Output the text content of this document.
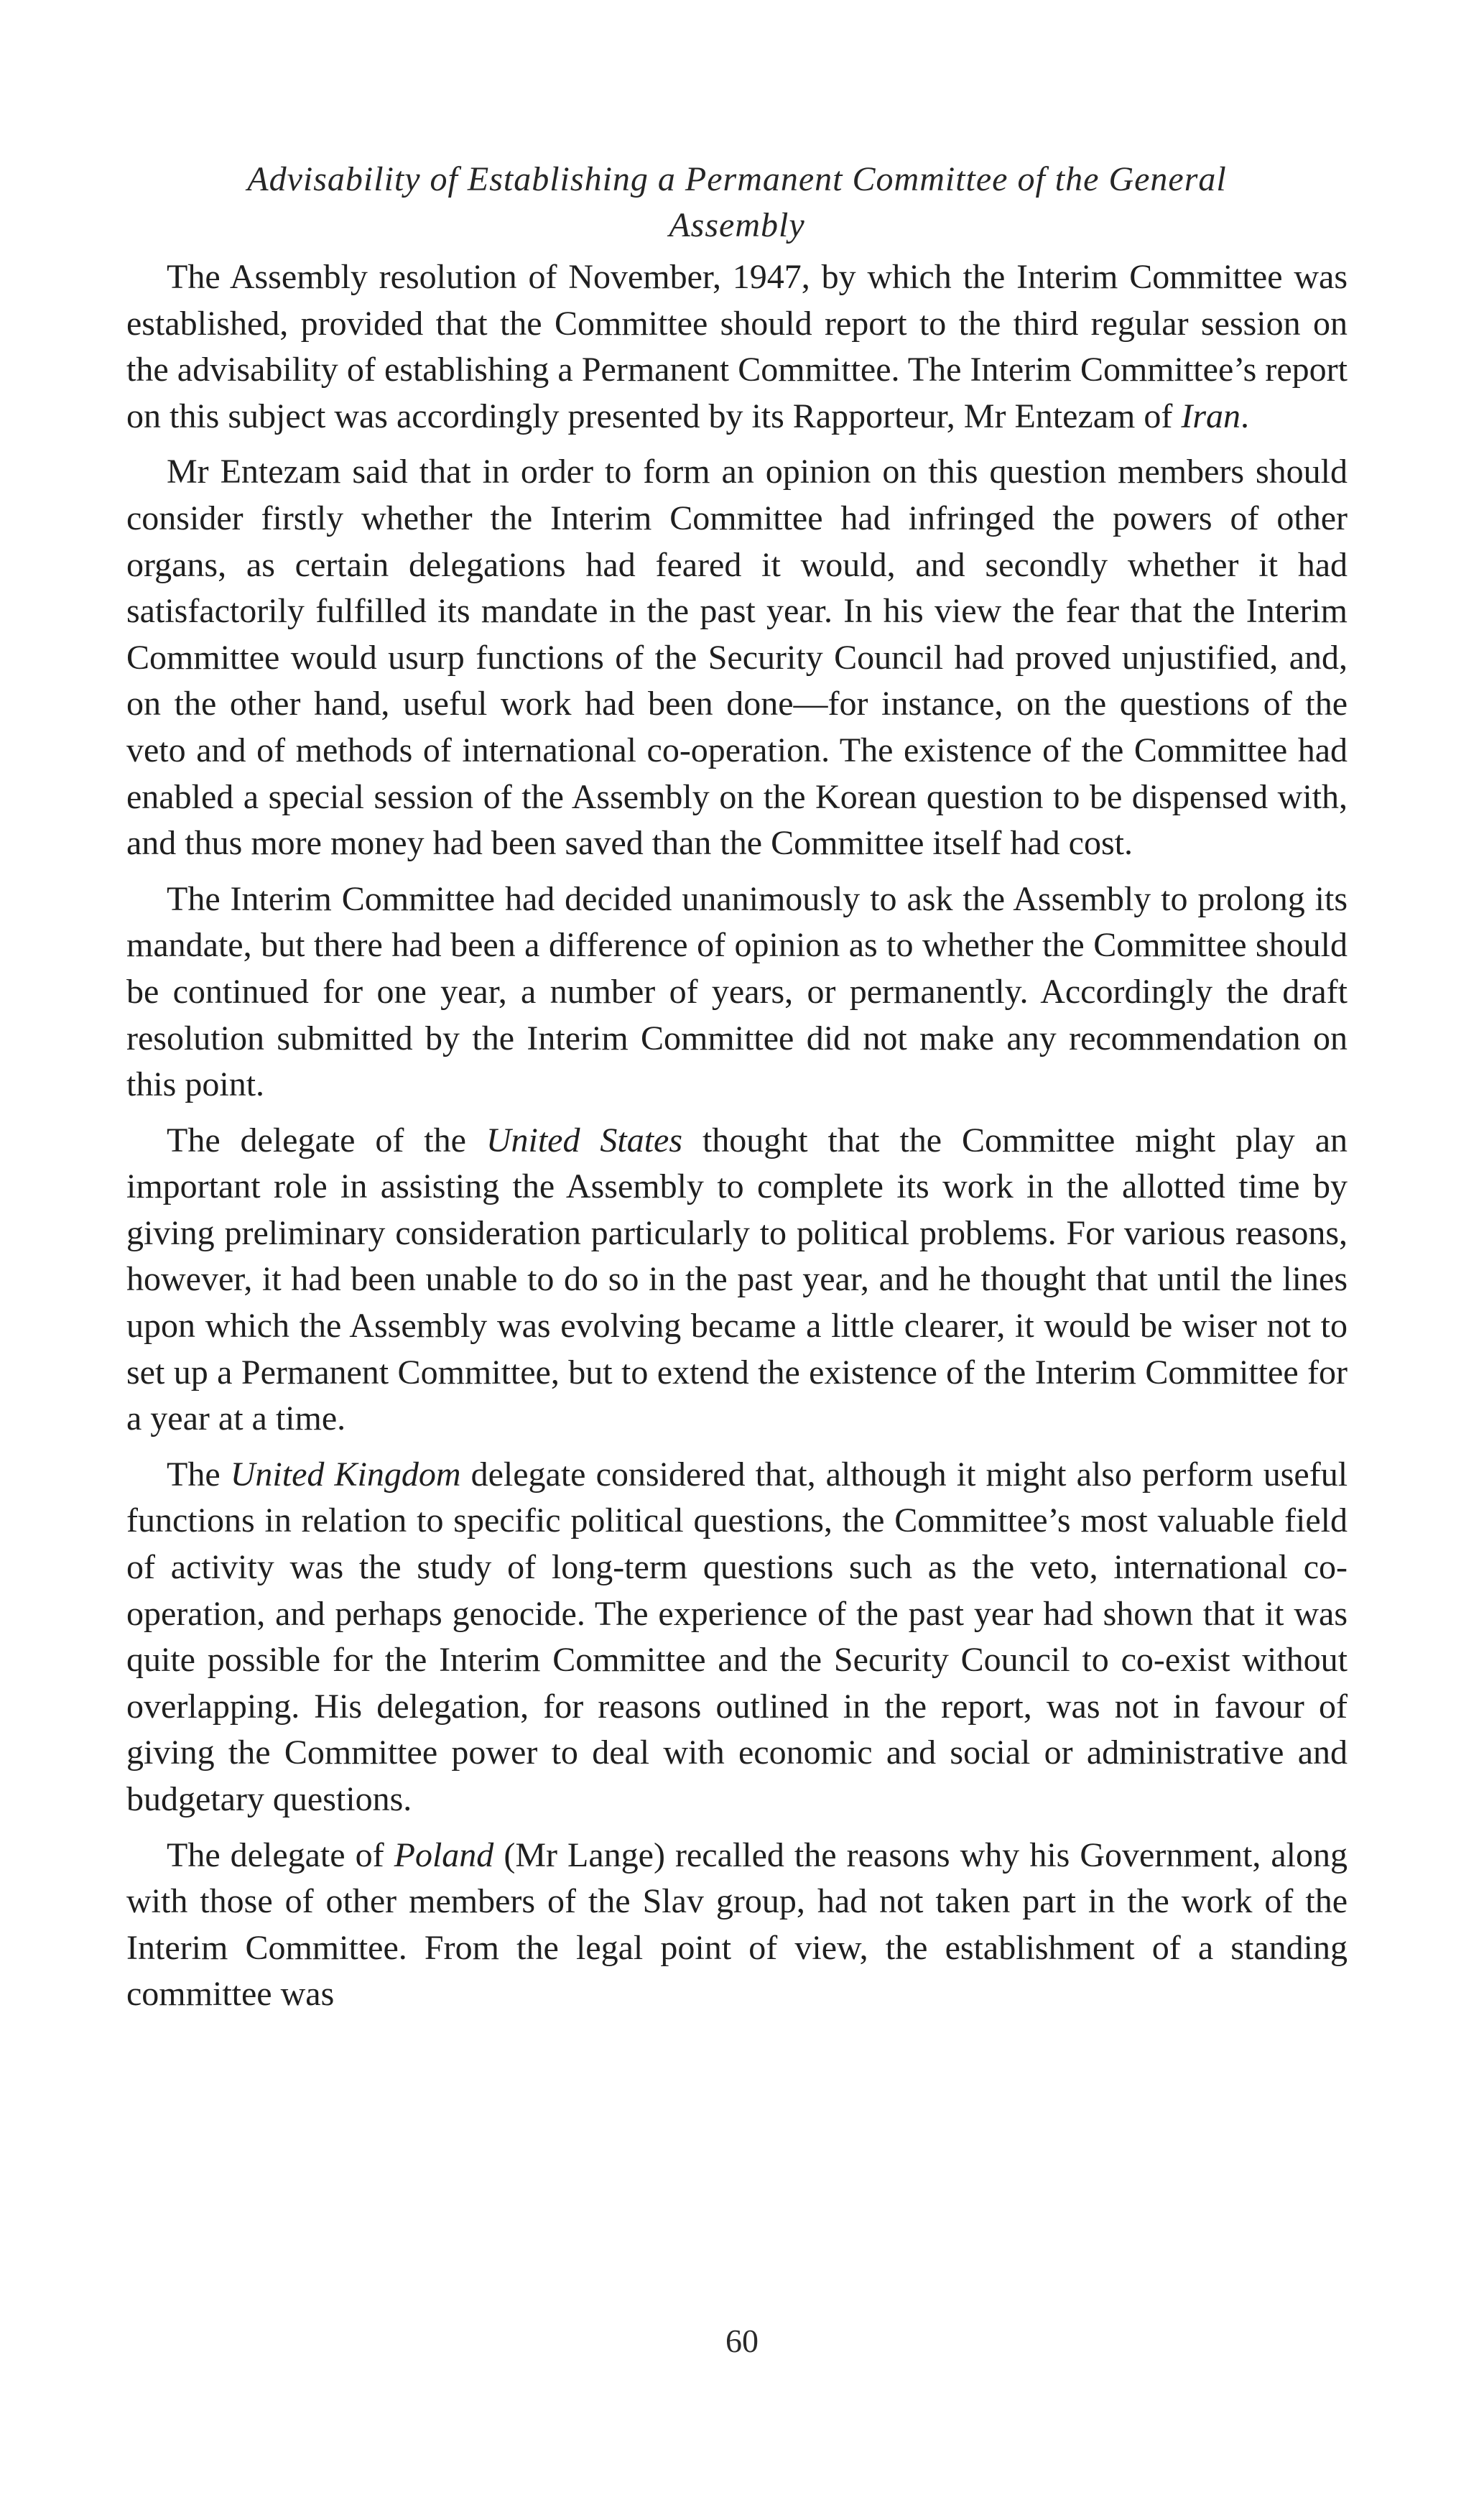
Advisability of Establishing a Permanent Committee of the General
Assembly

The Assembly resolution of November, 1947, by which the Interim Committee was established, provided that the Committee should report to the third regular session on the advisability of establishing a Permanent Committee. The Interim Committee’s report on this subject was accordingly presented by its Rapporteur, Mr Entezam of Iran.

Mr Entezam said that in order to form an opinion on this question members should consider firstly whether the Interim Committee had infringed the powers of other organs, as certain delegations had feared it would, and secondly whether it had satisfactorily fulfilled its mandate in the past year. In his view the fear that the Interim Committee would usurp functions of the Security Council had proved unjustified, and, on the other hand, useful work had been done—for instance, on the questions of the veto and of methods of international co-operation. The existence of the Committee had enabled a special session of the Assembly on the Korean question to be dispensed with, and thus more money had been saved than the Committee itself had cost.

The Interim Committee had decided unanimously to ask the Assembly to prolong its mandate, but there had been a difference of opinion as to whether the Committee should be continued for one year, a number of years, or permanently. Accordingly the draft resolution submitted by the Interim Committee did not make any recommendation on this point.

The delegate of the United States thought that the Committee might play an important role in assisting the Assembly to complete its work in the allotted time by giving preliminary consideration particularly to political problems. For various reasons, however, it had been unable to do so in the past year, and he thought that until the lines upon which the Assembly was evolving became a little clearer, it would be wiser not to set up a Permanent Committee, but to extend the existence of the Interim Committee for a year at a time.

The United Kingdom delegate considered that, although it might also perform useful functions in relation to specific political questions, the Committee’s most valuable field of activity was the study of long-term questions such as the veto, international co-operation, and perhaps genocide. The experience of the past year had shown that it was quite possible for the Interim Committee and the Security Council to co-exist without overlapping. His delegation, for reasons outlined in the report, was not in favour of giving the Committee power to deal with economic and social or administrative and budgetary questions.

The delegate of Poland (Mr Lange) recalled the reasons why his Government, along with those of other members of the Slav group, had not taken part in the work of the Interim Committee. From the legal point of view, the establishment of a standing committee was

60
